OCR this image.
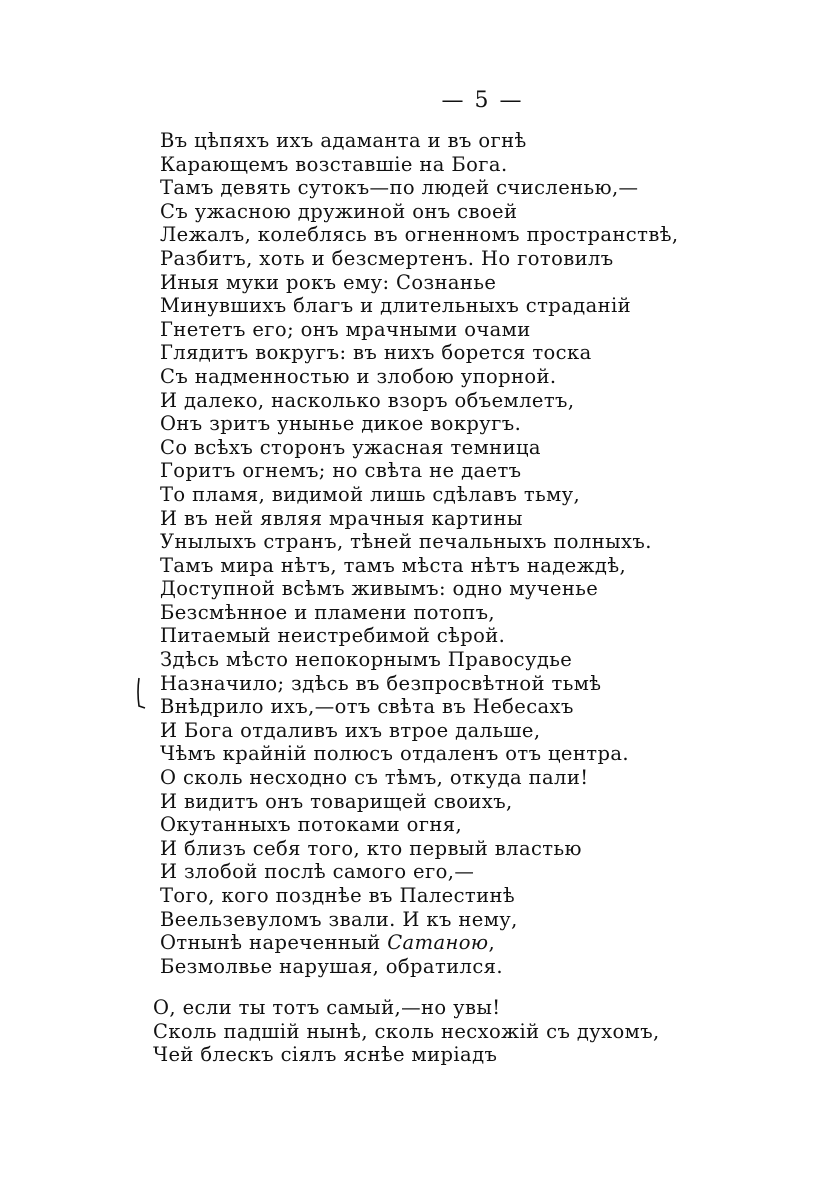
— 5 —
Въ цѣпяхъ ихъ адаманта и въ огнѣ
Карающемъ возставшіе на Бога.
Тамъ девять сутокъ—по людей счисленью,—
Съ ужасною дружиной онъ своей
Лежалъ, колеблясь въ огненномъ пространствѣ,
Разбитъ, хоть и безсмертенъ. Но готовилъ
Иныя муки рокъ ему: Сознанье
Минувшихъ благъ и длительныхъ страданій
Гнететъ его; онъ мрачными очами
Глядитъ вокругъ: въ нихъ борется тоска
Съ надменностью и злобою упорной.
И далеко, насколько взоръ объемлетъ,
Онъ зритъ унынье дикое вокругъ.
Со всѣхъ сторонъ ужасная темница
Горитъ огнемъ; но свѣта не даетъ
То пламя, видимой лишь сдѣлавъ тьму,
И въ ней являя мрачныя картины
Унылыхъ странъ, тѣней печальныхъ полныхъ.
Тамъ мира нѣтъ, тамъ мѣста нѣтъ надеждѣ,
Доступной всѣмъ живымъ: одно мученье
Безсмѣнное и пламени потопъ,
Питаемый неистребимой сѣрой.
Здѣсь мѣсто непокорнымъ Правосудье
Назначило; здѣсь въ безпросвѣтной тьмѣ
Внѣдрило ихъ,—отъ свѣта въ Небесахъ
И Бога отдаливъ ихъ втрое дальше,
Чѣмъ крайній полюсъ отдаленъ отъ центра.
О сколь несходно съ тѣмъ, откуда пали!
И видитъ онъ товарищей своихъ,
Окутанныхъ потоками огня,
И близъ себя того, кто первый властью
И злобой послѣ самого его,—
Того, кого позднѣе въ Палестинѣ
Веельзевуломъ звали. И къ нему,
Отнынѣ нареченный Сатаною,
Безмолвье нарушая, обратился.
О, если ты тотъ самый,—но увы!
Сколь падшій нынѣ, сколь несхожій съ духомъ,
Чей блескъ сіялъ яснѣе миріадъ
